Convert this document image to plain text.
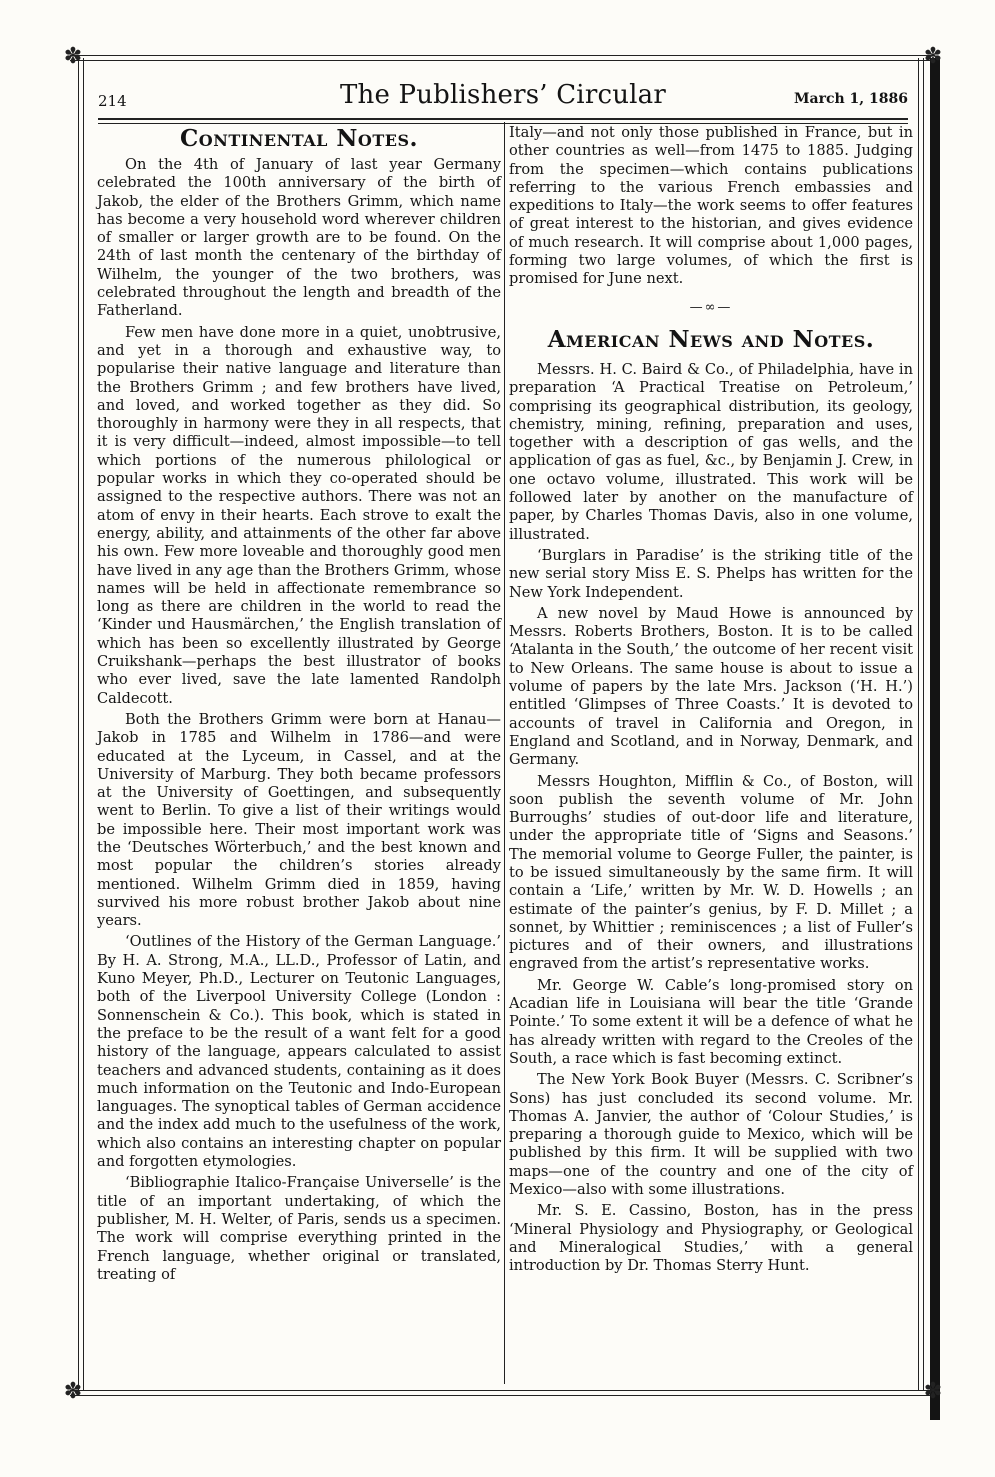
✽	✽
✽	✽
214	The Publishers’ Circular	March 1, 1886
Continental Notes.

On the 4th of January of last year Germany celebrated the 100th anniversary of the birth of Jakob, the elder of the Brothers Grimm, which name has become a very household word wherever children of smaller or larger growth are to be found. On the 24th of last month the centenary of the birthday of Wilhelm, the younger of the two brothers, was celebrated throughout the length and breadth of the Fatherland.

Few men have done more in a quiet, unobtrusive, and yet in a thorough and exhaustive way, to popularise their native language and literature than the Brothers Grimm ; and few brothers have lived, and loved, and worked together as they did. So thoroughly in harmony were they in all respects, that it is very difficult—indeed, almost impossible—to tell which portions of the numerous philological or popular works in which they co-operated should be assigned to the respective authors. There was not an atom of envy in their hearts. Each strove to exalt the energy, ability, and attainments of the other far above his own. Few more loveable and thoroughly good men have lived in any age than the Brothers Grimm, whose names will be held in affectionate remembrance so long as there are children in the world to read the ‘Kinder und Hausmärchen,’ the English translation of which has been so excellently illustrated by George Cruikshank—perhaps the best illustrator of books who ever lived, save the late lamented Randolph Caldecott.

Both the Brothers Grimm were born at Hanau—Jakob in 1785 and Wilhelm in 1786—and were educated at the Lyceum, in Cassel, and at the University of Marburg. They both became professors at the University of Goettingen, and subsequently went to Berlin. To give a list of their writings would be impossible here. Their most important work was the ‘Deutsches Wörterbuch,’ and the best known and most popular the children’s stories already mentioned. Wilhelm Grimm died in 1859, having survived his more robust brother Jakob about nine years.

‘Outlines of the History of the German Language.’ By H. A. Strong, M.A., LL.D., Professor of Latin, and Kuno Meyer, Ph.D., Lecturer on Teutonic Languages, both of the Liverpool University College (London : Sonnenschein & Co.). This book, which is stated in the preface to be the result of a want felt for a good history of the language, appears calculated to assist teachers and advanced students, containing as it does much information on the Teutonic and Indo-European languages. The synoptical tables of German accidence and the index add much to the usefulness of the work, which also contains an interesting chapter on popular and forgotten etymologies.

‘Bibliographie Italico-Française Universelle’ is the title of an important undertaking, of which the publisher, M. H. Welter, of Paris, sends us a specimen. The work will comprise everything printed in the French language, whether original or translated, treating of

Italy—and not only those published in France, but in other countries as well—from 1475 to 1885. Judging from the specimen—which contains publications referring to the various French embassies and expeditions to Italy—the work seems to offer features of great interest to the historian, and gives evidence of much research. It will comprise about 1,000 pages, forming two large volumes, of which the first is promised for June next.

—∞—
American News and Notes.

Messrs. H. C. Baird & Co., of Philadelphia, have in preparation ‘A Practical Treatise on Petroleum,’ comprising its geographical distribution, its geology, chemistry, mining, refining, preparation and uses, together with a description of gas wells, and the application of gas as fuel, &c., by Benjamin J. Crew, in one octavo volume, illustrated. This work will be followed later by another on the manufacture of paper, by Charles Thomas Davis, also in one volume, illustrated.

‘Burglars in Paradise’ is the striking title of the new serial story Miss E. S. Phelps has written for the New York Independent.

A new novel by Maud Howe is announced by Messrs. Roberts Brothers, Boston. It is to be called ‘Atalanta in the South,’ the outcome of her recent visit to New Orleans. The same house is about to issue a volume of papers by the late Mrs. Jackson (‘H. H.’) entitled ‘Glimpses of Three Coasts.’ It is devoted to accounts of travel in California and Oregon, in England and Scotland, and in Norway, Denmark, and Germany.

Messrs Houghton, Mifflin & Co., of Boston, will soon publish the seventh volume of Mr. John Burroughs’ studies of out-door life and literature, under the appropriate title of ‘Signs and Seasons.’ The memorial volume to George Fuller, the painter, is to be issued simultaneously by the same firm. It will contain a ‘Life,’ written by Mr. W. D. Howells ; an estimate of the painter’s genius, by F. D. Millet ; a sonnet, by Whittier ; reminiscences ; a list of Fuller’s pictures and of their owners, and illustrations engraved from the artist’s representative works.

Mr. George W. Cable’s long-promised story on Acadian life in Louisiana will bear the title ‘Grande Pointe.’ To some extent it will be a defence of what he has already written with regard to the Creoles of the South, a race which is fast becoming extinct.

The New York Book Buyer (Messrs. C. Scribner’s Sons) has just concluded its second volume. Mr. Thomas A. Janvier, the author of ‘Colour Studies,’ is preparing a thorough guide to Mexico, which will be published by this firm. It will be supplied with two maps—one of the country and one of the city of Mexico—also with some illustrations.

Mr. S. E. Cassino, Boston, has in the press ‘Mineral Physiology and Physiography, or Geological and Mineralogical Studies,’ with a general introduction by Dr. Thomas Sterry Hunt.
